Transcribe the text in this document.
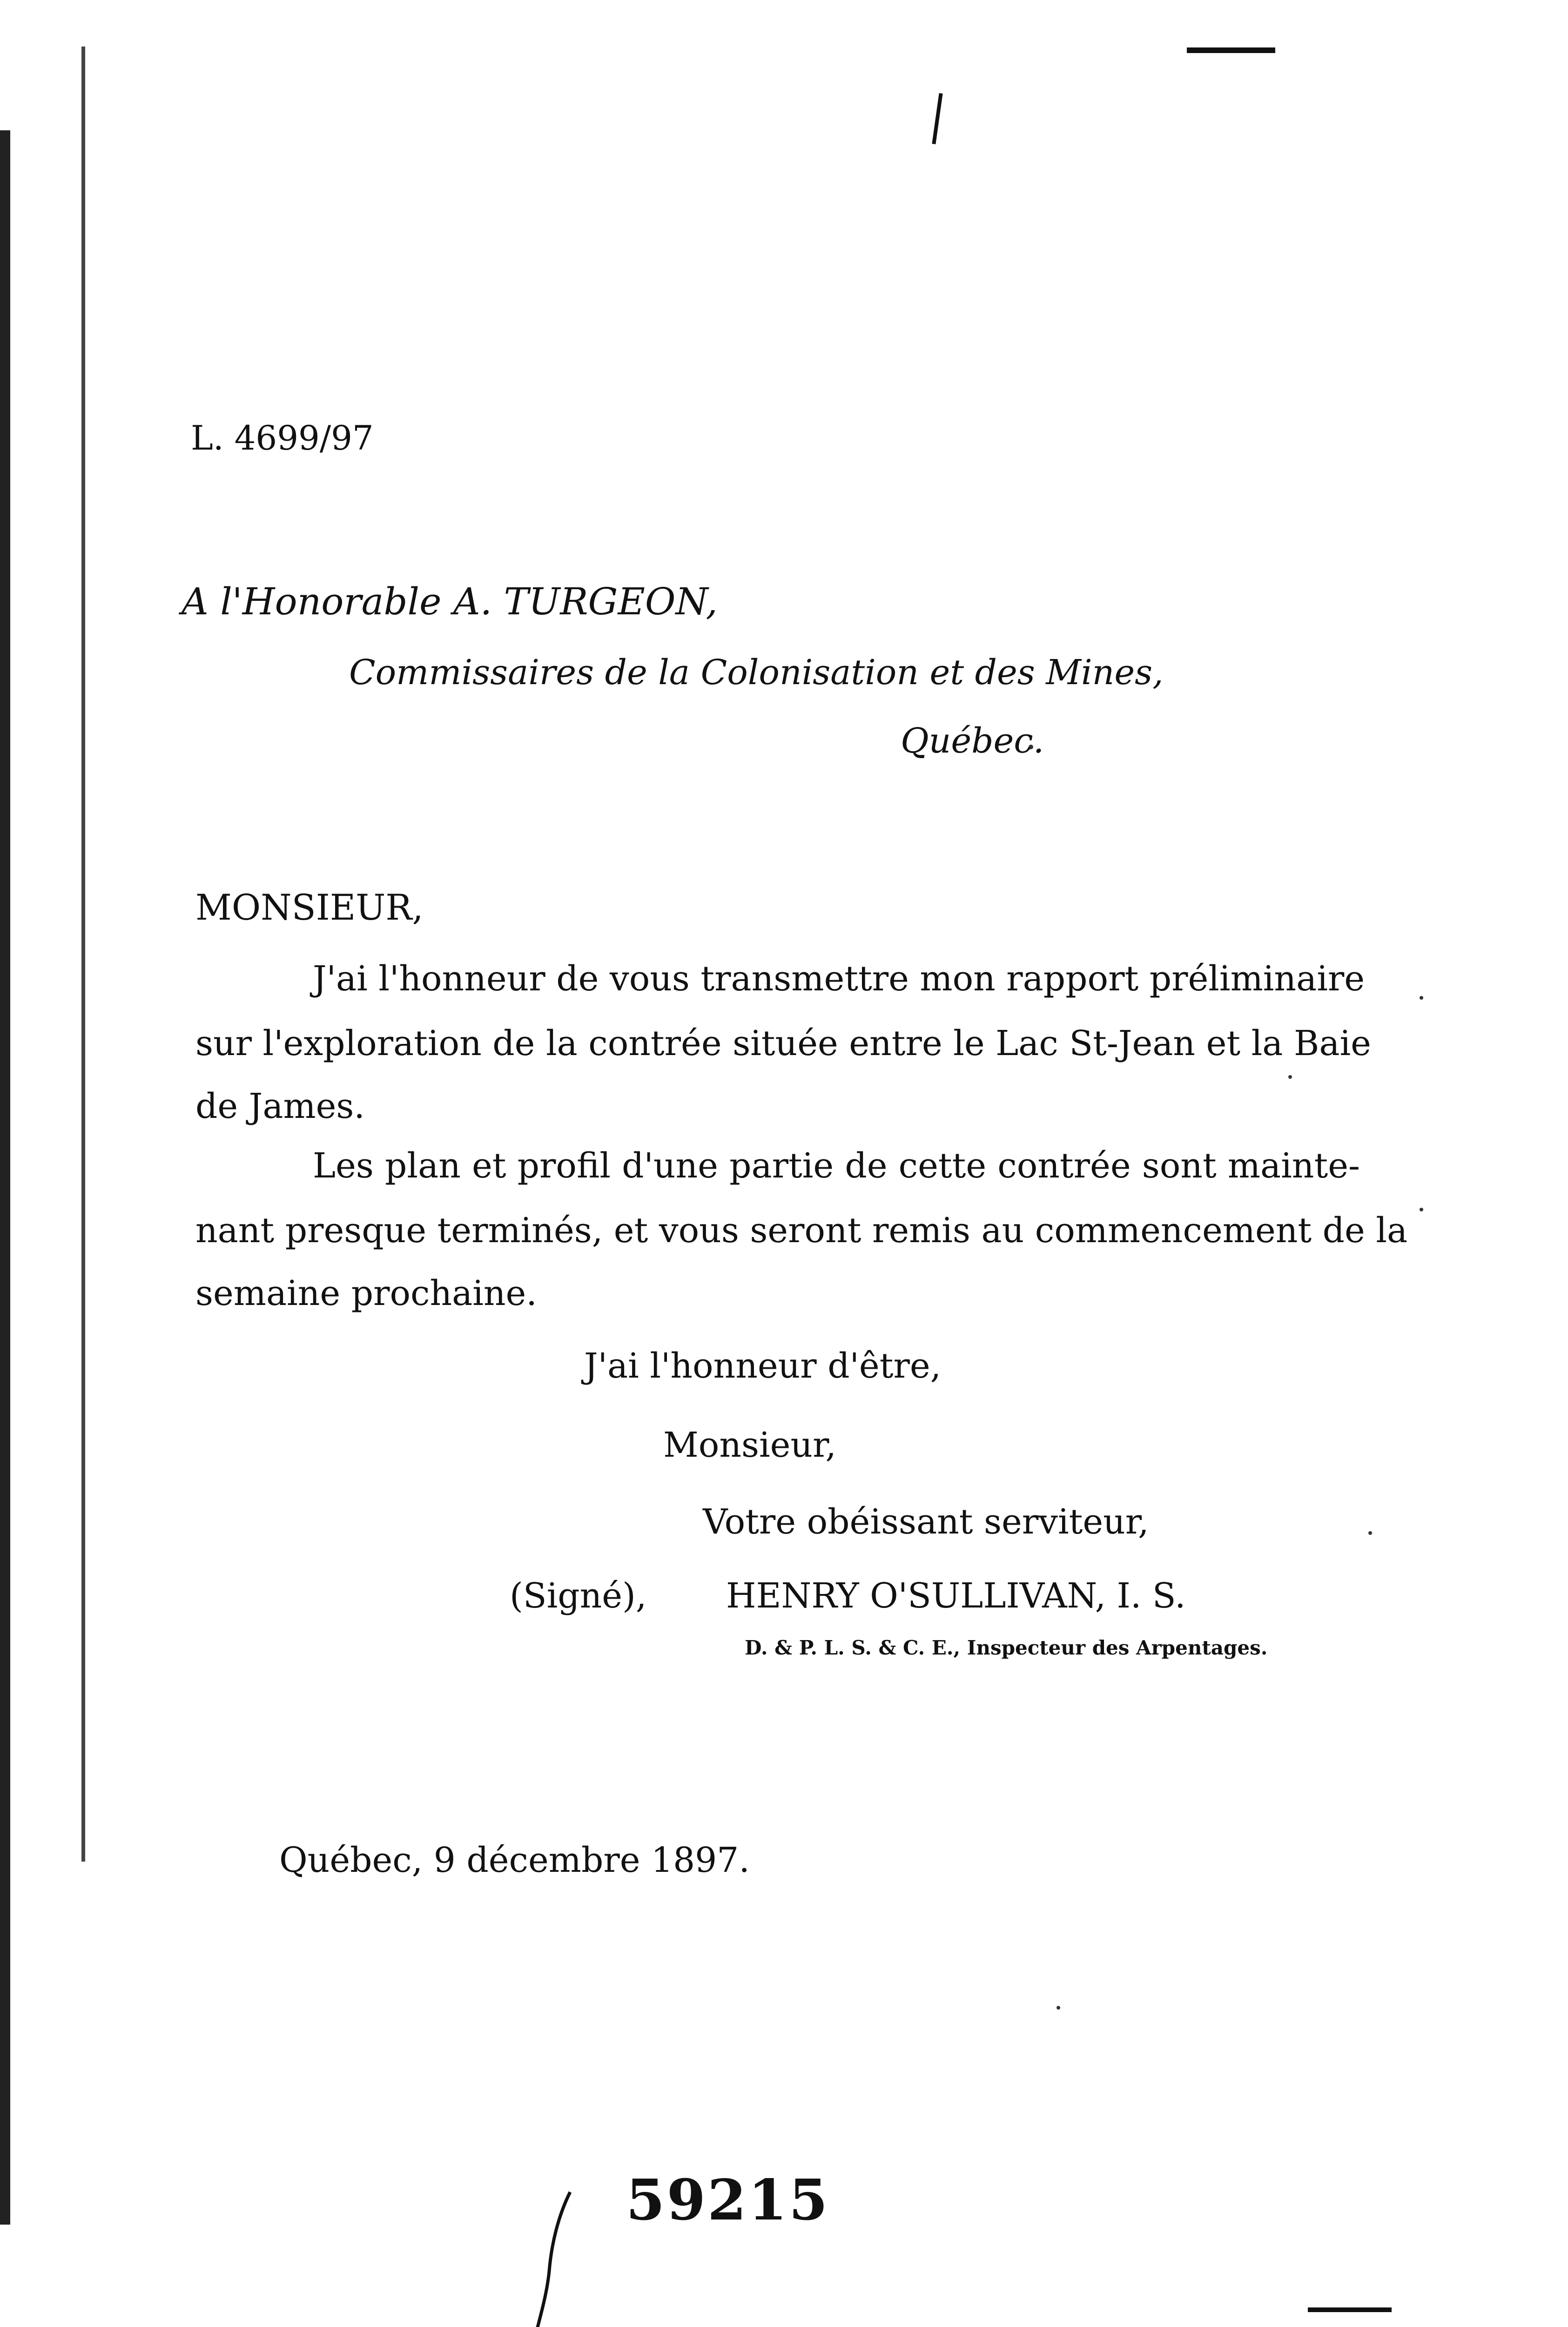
L. 4699/97
A l'Honorable A. TURGEON,
Commissaires de la Colonisation et des Mines,
Québec.
MONSIEUR,
J'ai l'honneur de vous transmettre mon rapport préliminaire
sur l'exploration de la contrée située entre le Lac St-Jean et la Baie
de James.
Les plan et profil d'une partie de cette contrée sont mainte-
nant presque terminés, et vous seront remis au commencement de la
semaine prochaine.
J'ai l'honneur d'être,
Monsieur,
Votre obéissant serviteur,
(Signé), HENRY O'SULLIVAN, I. S.
D. & P. L. S. & C. E., Inspecteur des Arpentages.
Québec, 9 décembre 1897.
59215
